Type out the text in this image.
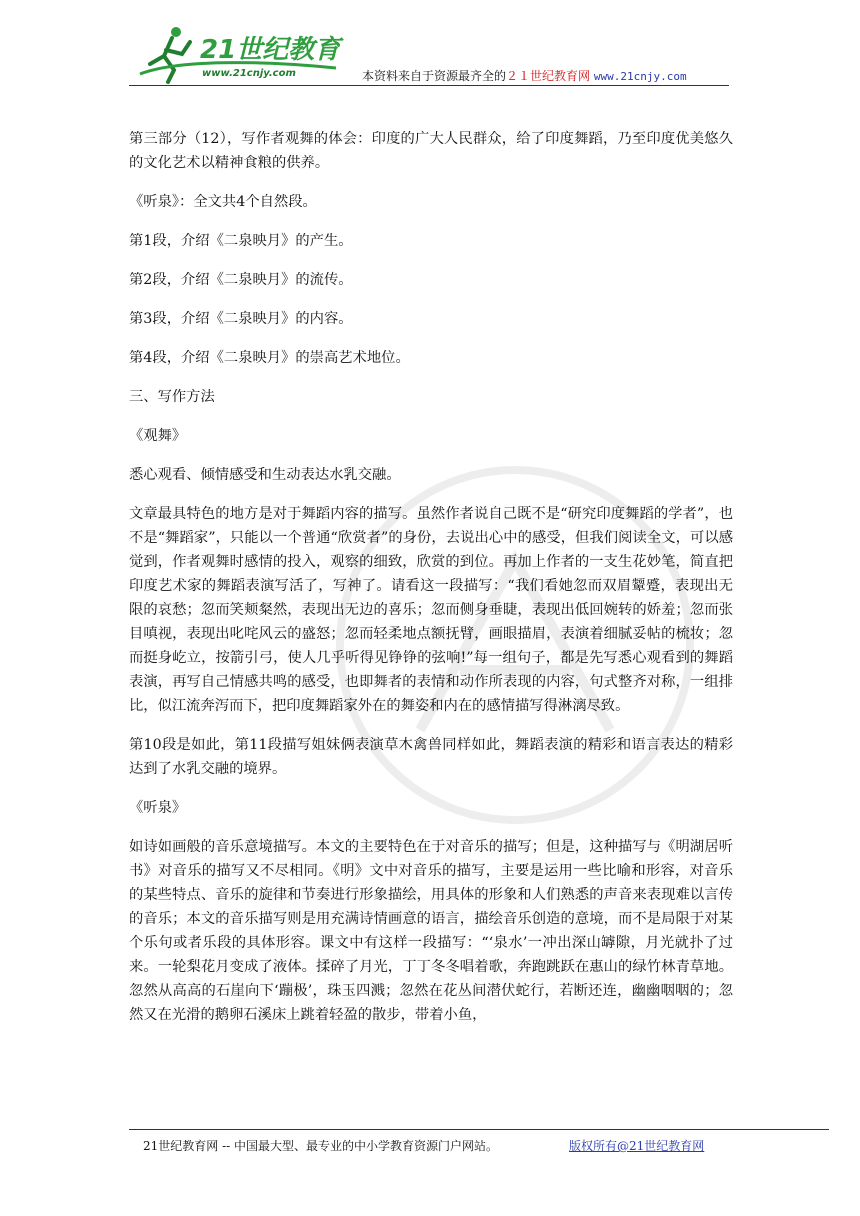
21世纪教育
www.21cnjy.com	本资料来自于资源最齐全的２１世纪教育网 www.21cnjy.com

第三部分（12），写作者观舞的体会：印度的广大人民群众，给了印度舞蹈，乃至印度优美悠久的文化艺术以精神食粮的供养。

《听泉》：全文共4个自然段。

第1段，介绍《二泉映月》的产生。

第2段，介绍《二泉映月》的流传。

第3段，介绍《二泉映月》的内容。

第4段，介绍《二泉映月》的崇高艺术地位。

三、写作方法

《观舞》

悉心观看、倾情感受和生动表达水乳交融。

文章最具特色的地方是对于舞蹈内容的描写。虽然作者说自己既不是“研究印度舞蹈的学者”，也不是“舞蹈家”，只能以一个普通“欣赏者”的身份，去说出心中的感受，但我们阅读全文，可以感觉到，作者观舞时感情的投入，观察的细致，欣赏的到位。再加上作者的一支生花妙笔，简直把印度艺术家的舞蹈表演写活了，写神了。请看这一段描写：“我们看她忽而双眉颦蹙，表现出无限的哀愁；忽而笑颊粲然，表现出无边的喜乐；忽而侧身垂睫，表现出低回婉转的娇羞；忽而张目嗔视，表现出叱咤风云的盛怒；忽而轻柔地点额抚臂，画眼描眉，表演着细腻妥帖的梳妆；忽而挺身屹立，按箭引弓，使人几乎听得见铮铮的弦响!”每一组句子，都是先写悉心观看到的舞蹈表演，再写自己情感共鸣的感受，也即舞者的表情和动作所表现的内容，句式整齐对称，一组排比，似江流奔泻而下，把印度舞蹈家外在的舞姿和内在的感情描写得淋漓尽致。

第10段是如此，第11段描写姐妹俩表演草木禽兽同样如此，舞蹈表演的精彩和语言表达的精彩达到了水乳交融的境界。

《听泉》

如诗如画般的音乐意境描写。本文的主要特色在于对音乐的描写；但是，这种描写与《明湖居听书》对音乐的描写又不尽相同。《明》文中对音乐的描写，主要是运用一些比喻和形容，对音乐的某些特点、音乐的旋律和节奏进行形象描绘，用具体的形象和人们熟悉的声音来表现难以言传的音乐；本文的音乐描写则是用充满诗情画意的语言，描绘音乐创造的意境，而不是局限于对某个乐句或者乐段的具体形容。课文中有这样一段描写：“‘泉水’一冲出深山罅隙，月光就扑了过来。一轮梨花月变成了液体。揉碎了月光，丁丁冬冬唱着歌，奔跑跳跃在惠山的绿竹林青草地。忽然从高高的石崖向下‘蹦极’，珠玉四溅；忽然在花丛间潜伏蛇行，若断还连，幽幽咽咽的；忽然又在光滑的鹅卵石溪床上跳着轻盈的散步，带着小鱼，

21世纪教育网 -- 中国最大型、最专业的中小学教育资源门户网站。	版权所有@21世纪教育网
